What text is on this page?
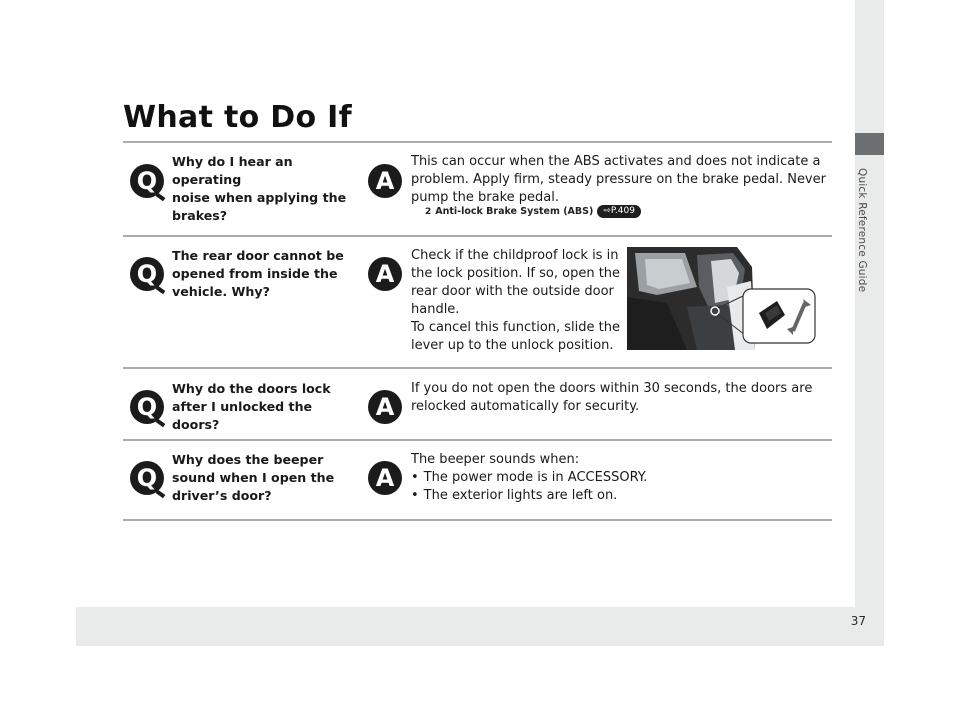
Quick Reference Guide
37
What to Do If
Q
Why do I hear an operating
noise when applying the
brakes?
A

This can occur when the ABS activates and does not indicate a

problem. Apply firm, steady pressure on the brake pedal. Never

pump the brake pedal.

2 Anti-lock Brake System (ABS)	⇨P.409
Q
The rear door cannot be
opened from inside the
vehicle. Why?
A

Check if the childproof lock is in

the lock position. If so, open the

rear door with the outside door

handle.

To cancel this function, slide the

lever up to the unlock position.

Q
Why do the doors lock
after I unlocked the doors?
A

If you do not open the doors within 30 seconds, the doors are

relocked automatically for security.

Q
Why does the beeper
sound when I open the
driver’s door?
A

The beeper sounds when:

• The power mode is in ACCESSORY.
• The exterior lights are left on.
